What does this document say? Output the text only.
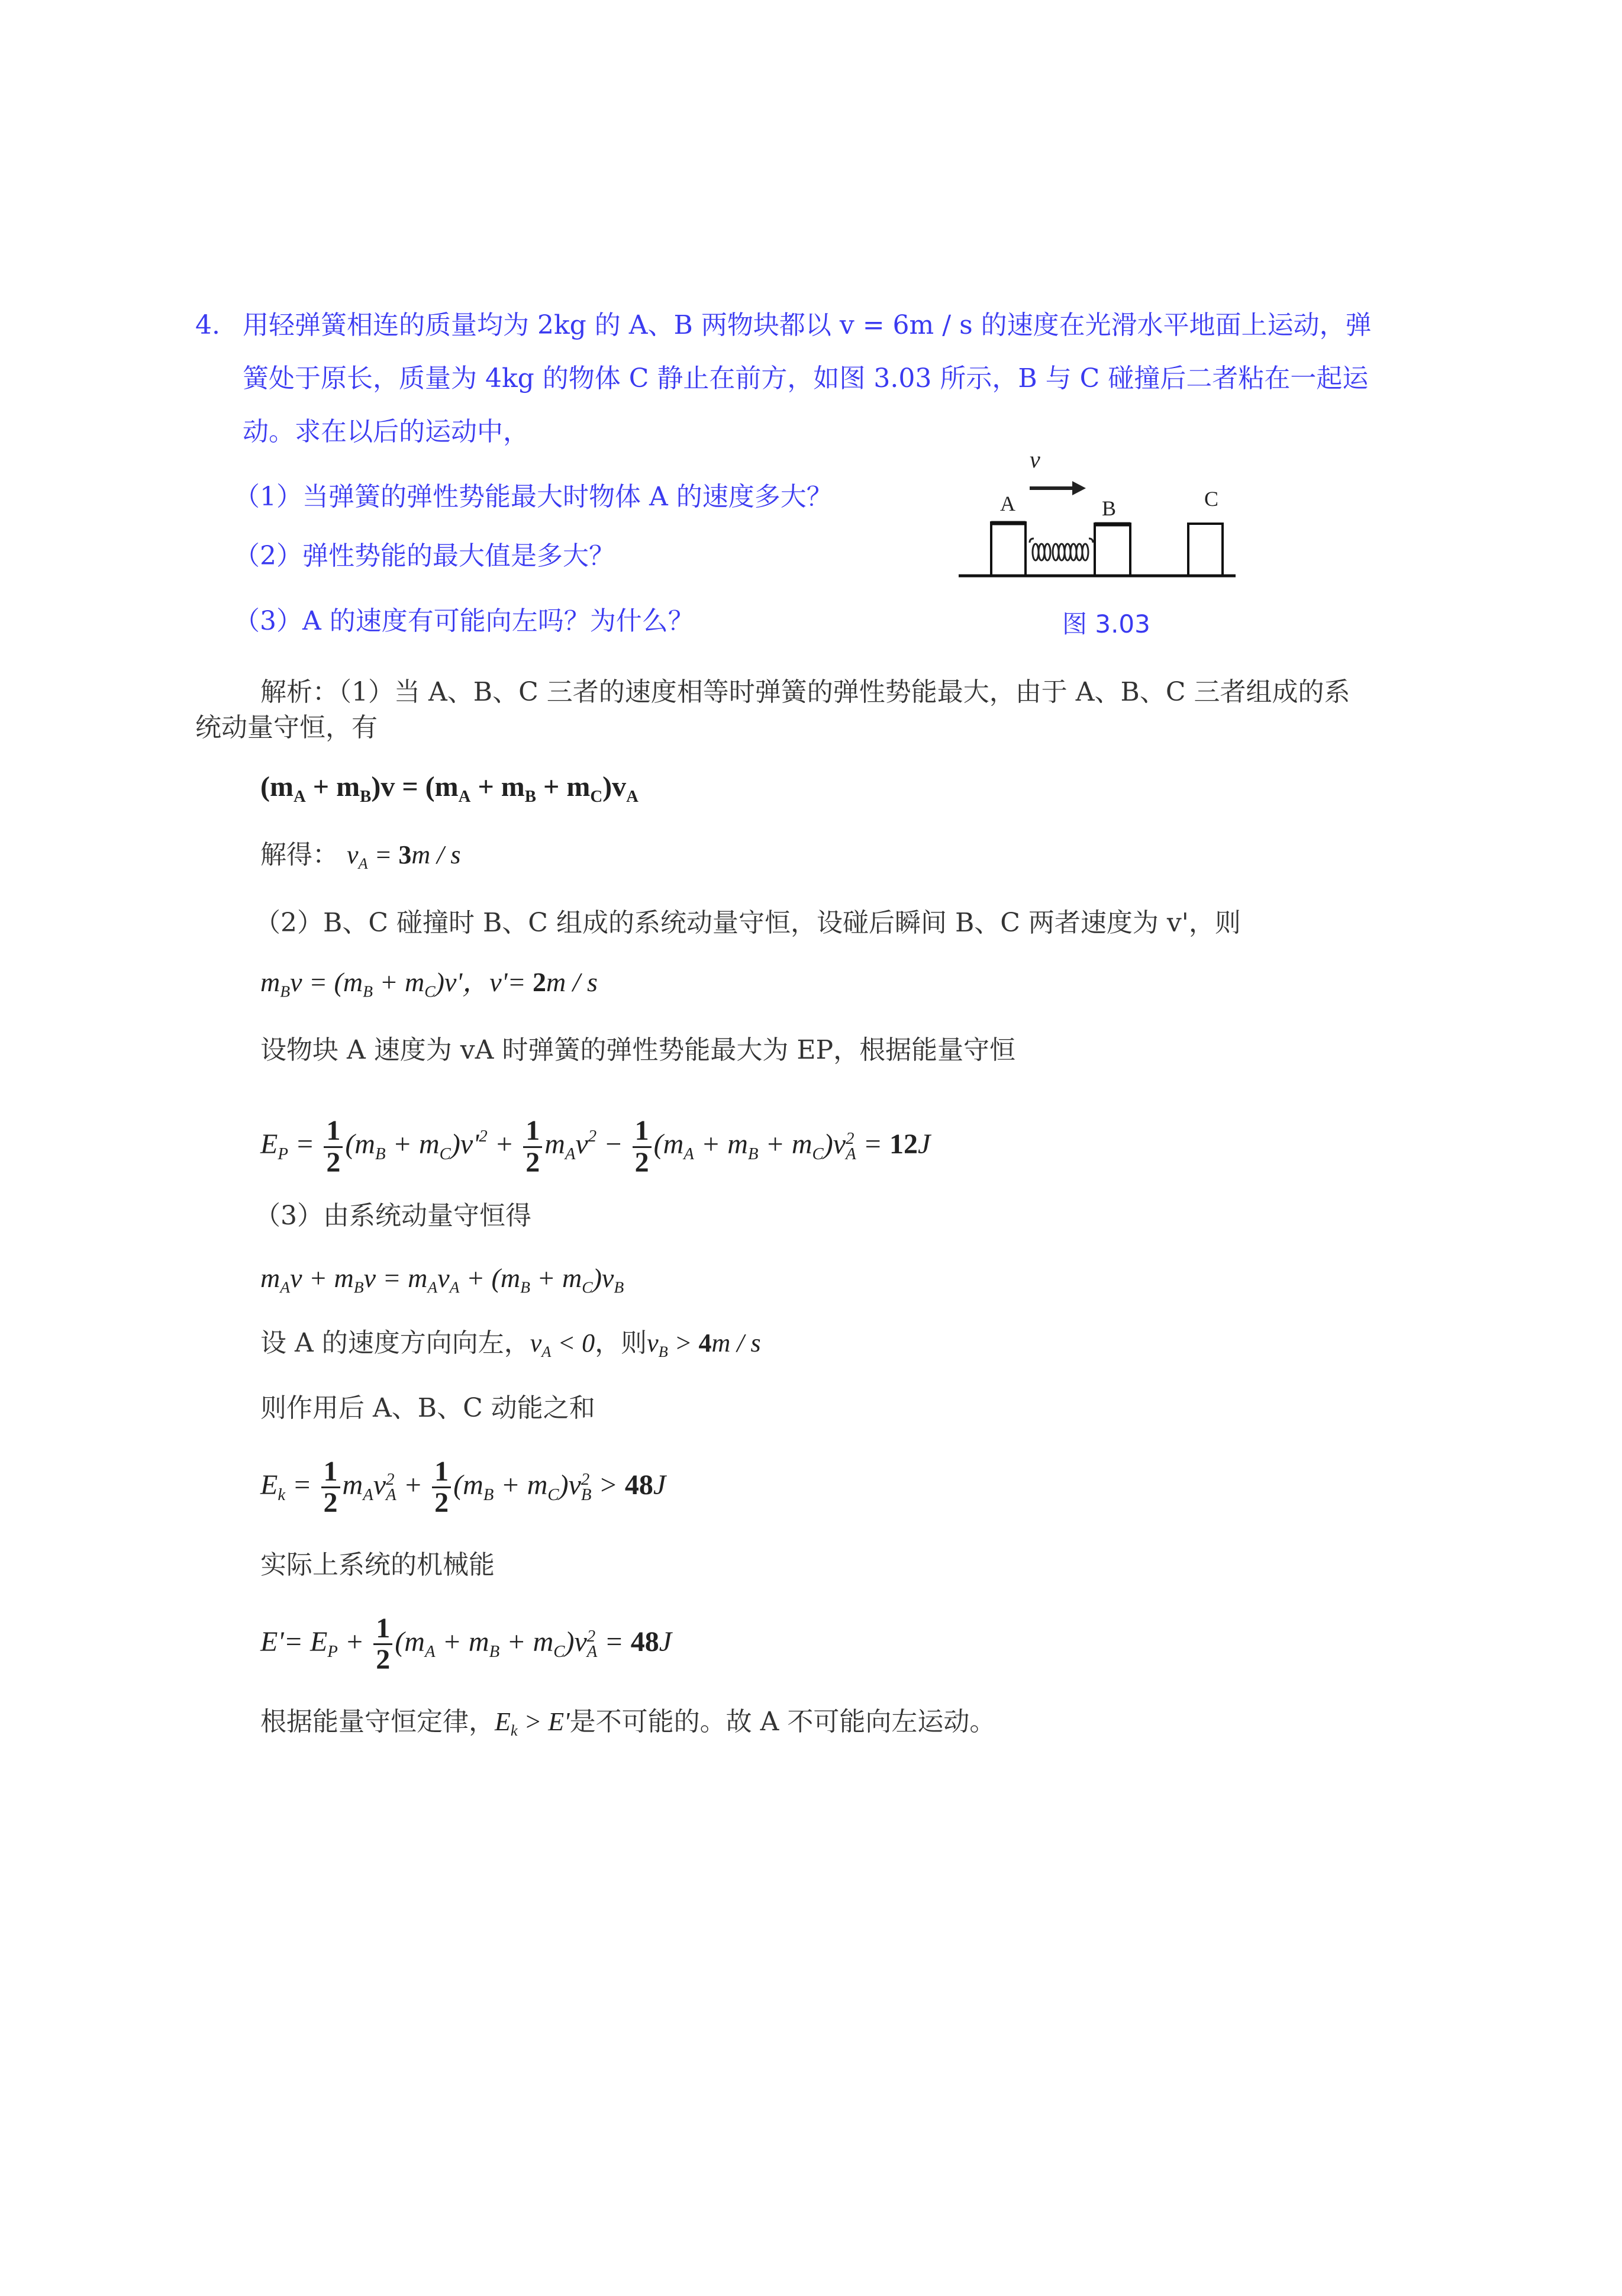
4. 用轻弹簧相连的质量均为 2kg 的 A、B 两物块都以 v = 6m / s 的速度在光滑水平地面上运动，弹
簧处于原长，质量为 4kg 的物体 C 静止在前方，如图 3.03 所示，B 与 C 碰撞后二者粘在一起运
动。求在以后的运动中，
（1）当弹簧的弹性势能最大时物体 A 的速度多大？
（2）弹性势能的最大值是多大？
（3）A 的速度有可能向左吗？为什么？
v
A	B	C
图 3.03
解析：（1）当 A、B、C 三者的速度相等时弹簧的弹性势能最大，由于 A、B、C 三者组成的系
统动量守恒，有
$(m_A + m_B)v = (m_A + m_B + m_C)v_A$
解得： $v_A = 3m / s$
（2）B、C 碰撞时 B、C 组成的系统动量守恒，设碰后瞬间 B、C 两者速度为 v'，则
$m_Bv = (m_B + m_C)v'$，v'= 2m / s
设物块 A 速度为 vA 时弹簧的弹性势能最大为 EP，根据能量守恒
$E_P = \frac{1}{2} (m_B + m_C)v'^2 + \frac{1}{2} m_Av^2 - \frac{1}{2} (m_A + m_B + m_C)v$ 2
A = 12J
（3）由系统动量守恒得
$m_Av + m_Bv = m_Av_A + (m_B + m_C)v_B$
设 A 的速度方向向左，$v_A < 0$，则$v_B > 4m / s$
则作用后 A、B、C 动能之和
$E_k = \frac{1}{2} m_Av$ 2
$A + \frac{1}{2} (m_B + m_C)v$ 2
B > 48J
实际上系统的机械能
$E'= E_P + \frac{1}{2} (m_A + m_B + m_C)v$ 2
A = 48J
根据能量守恒定律，$E_k > E'$是不可能的。故 A 不可能向左运动。
